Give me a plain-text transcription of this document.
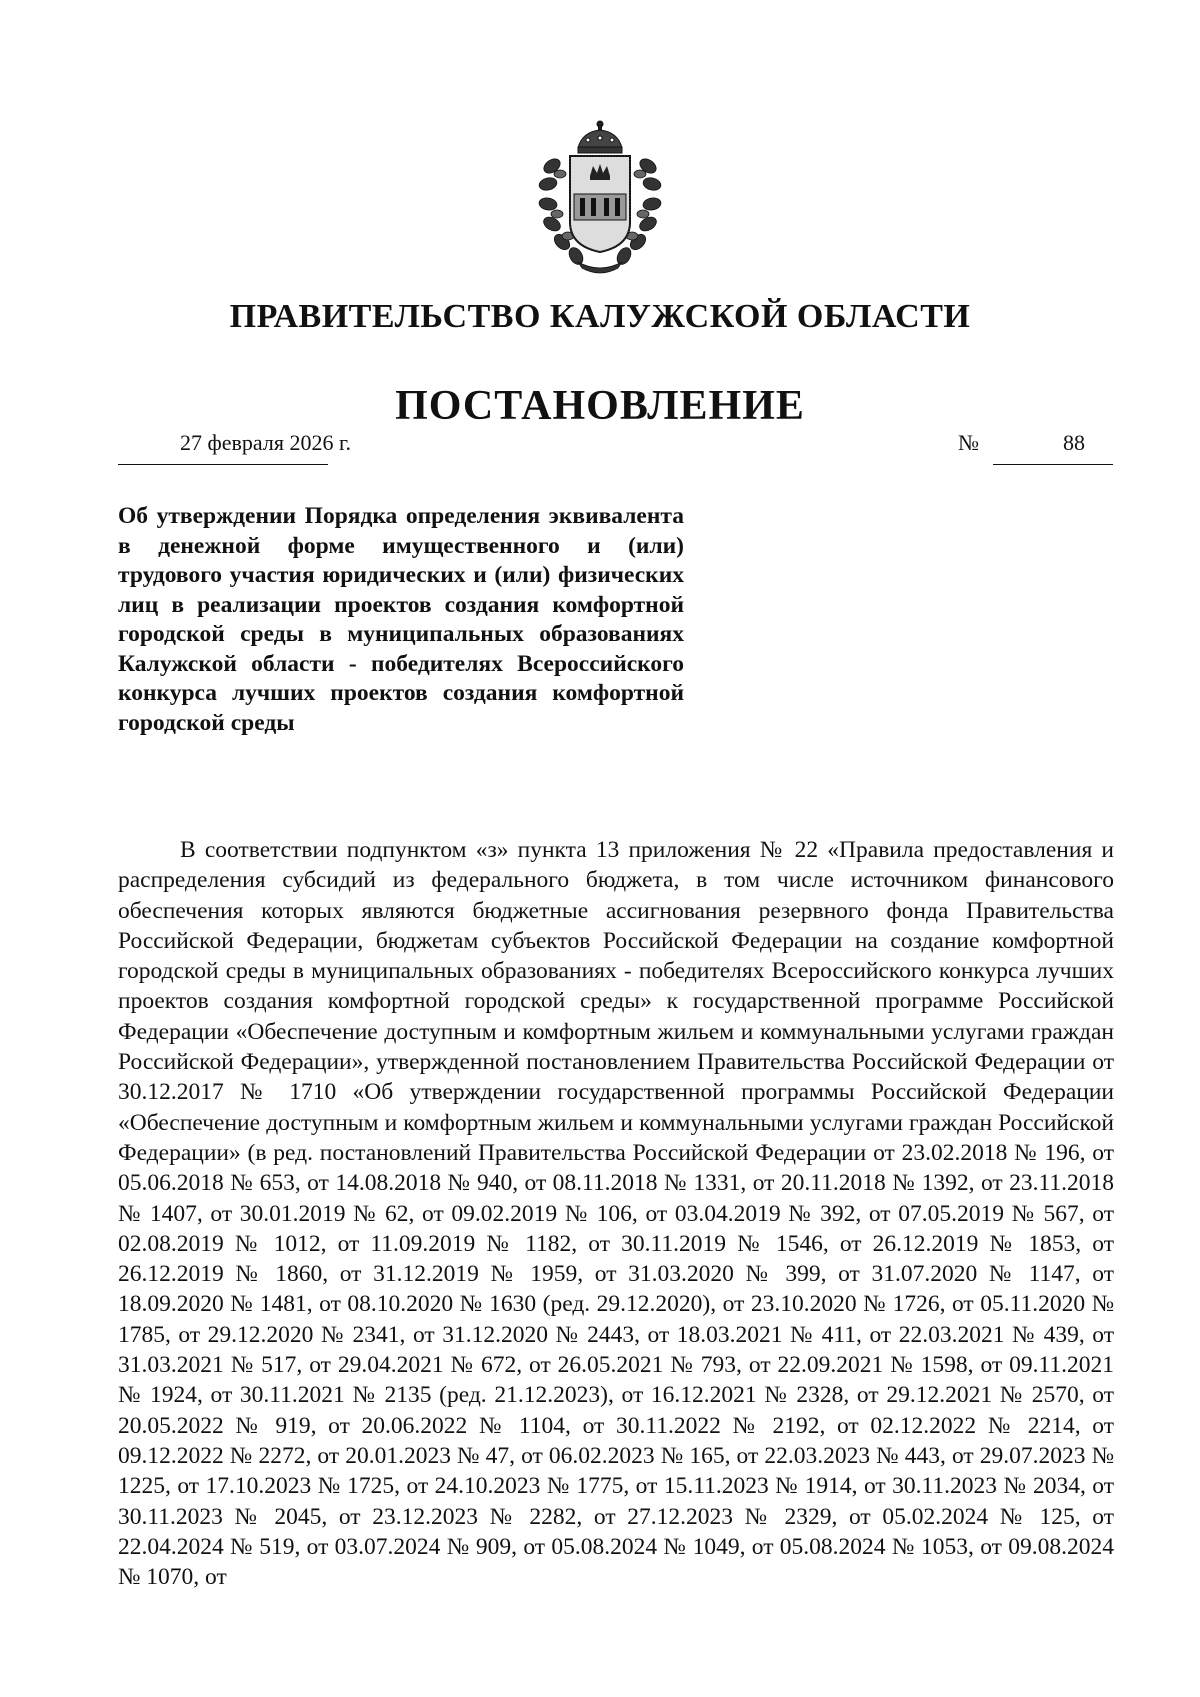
ПРАВИТЕЛЬСТВО КАЛУЖСКОЙ ОБЛАСТИ
ПОСТАНОВЛЕНИЕ
27 февраля 2026 г.	№	88

Об утверждении Порядка определения эквивалента в денежной форме имущественного и (или) трудового участия юридических и (или) физических лиц в реализации проектов создания комфортной городской среды в муниципальных образованиях Калужской области - победителях Всероссийского конкурса лучших проектов создания комфортной городской среды

В соответствии подпунктом «з» пункта 13 приложения № 22 «Правила предоставления и распределения субсидий из федерального бюджета, в том числе источником финансового обеспечения которых являются бюджетные ассигнования резервного фонда Правительства Российской Федерации, бюджетам субъектов Российской Федерации на создание комфортной городской среды в муниципальных образованиях - победителях Всероссийского конкурса лучших проектов создания комфортной городской среды» к государственной программе Российской Федерации «Обеспечение доступным и комфортным жильем и коммунальными услугами граждан Российской Федерации», утвержденной постановлением Правительства Российской Федерации от 30.12.2017 № 1710 «Об утверждении государственной программы Российской Федерации «Обеспечение доступным и комфортным жильем и коммунальными услугами граждан Российской Федерации» (в ред. постановлений Правительства Российской Федерации от 23.02.2018 № 196, от 05.06.2018 № 653, от 14.08.2018 № 940, от 08.11.2018 № 1331, от 20.11.2018 № 1392, от 23.11.2018 № 1407, от 30.01.2019 № 62, от 09.02.2019 № 106, от 03.04.2019 № 392, от 07.05.2019 № 567, от 02.08.2019 № 1012, от 11.09.2019 № 1182, от 30.11.2019 № 1546, от 26.12.2019 № 1853, от 26.12.2019 № 1860, от 31.12.2019 № 1959, от 31.03.2020 № 399, от 31.07.2020 № 1147, от 18.09.2020 № 1481, от 08.10.2020 № 1630 (ред. 29.12.2020), от 23.10.2020 № 1726, от 05.11.2020 № 1785, от 29.12.2020 № 2341, от 31.12.2020 № 2443, от 18.03.2021 № 411, от 22.03.2021 № 439, от 31.03.2021 № 517, от 29.04.2021 № 672, от 26.05.2021 № 793, от 22.09.2021 № 1598, от 09.11.2021 № 1924, от 30.11.2021 № 2135 (ред. 21.12.2023), от 16.12.2021 № 2328, от 29.12.2021 № 2570, от 20.05.2022 № 919, от 20.06.2022 № 1104, от 30.11.2022 № 2192, от 02.12.2022 № 2214, от 09.12.2022 № 2272, от 20.01.2023 № 47, от 06.02.2023 № 165, от 22.03.2023 № 443, от 29.07.2023 № 1225, от 17.10.2023 № 1725, от 24.10.2023 № 1775, от 15.11.2023 № 1914, от 30.11.2023 № 2034, от 30.11.2023 № 2045, от 23.12.2023 № 2282, от 27.12.2023 № 2329, от 05.02.2024 № 125, от 22.04.2024 № 519, от 03.07.2024 № 909, от 05.08.2024 № 1049, от 05.08.2024 № 1053, от 09.08.2024 № 1070, от
